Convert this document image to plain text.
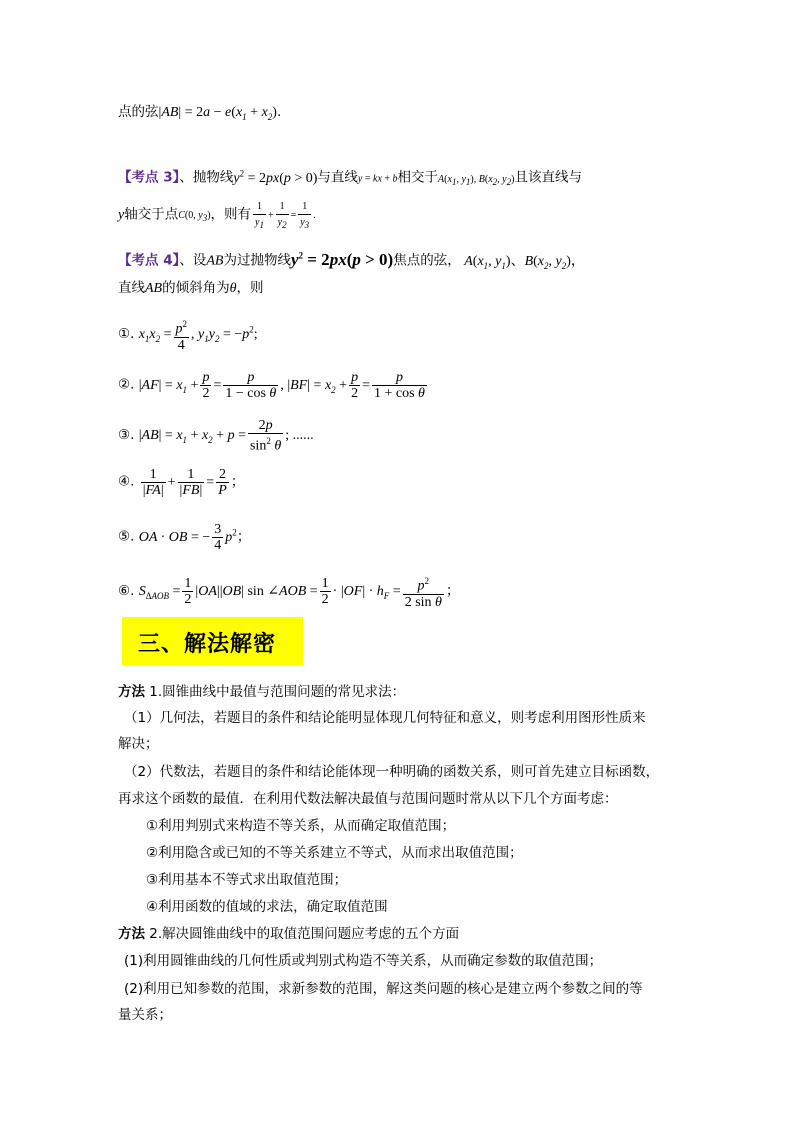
点的弦$|AB| = 2a - e(x_1 + x_2)$.
【考点 3】、抛物线$y^2 = 2px(p > 0)$与直线y = kx + b相交于$A(x_1$, $y_1$), $B(x_2$, $y_2$)且该直线与
y轴交于点C(0, $y_3$)，则有 $\frac{1}{y_1} + \frac{1}{y_2} = \frac{1}{y_3}$ .
【考点 4】、设AB为过抛物线$y^2 = 2px(p > 0)$焦点的弦， $A(x_1$, $y_1$)、$B(x_2$, $y_2$)，
直线AB的倾斜角为θ，则
①. $x_1x_2 = \frac{p^2}{4}$ , $y_1y_2 = -p^2$;
②. $|AF| = x_1 + \frac{p}{2} = \frac{p}{\text{1 − cos θ}}$ , $|BF| = x_2 + \frac{p}{2} = \frac{p}{\text{1 + cos θ}}$
③. $|AB| = x_1 + x_2 + p = \frac{2p}{\sin^2 \theta}$ ; ......
④. $\frac{1}{|FA|} + \frac{1}{|FB|} = \frac{2}{P}$ ；
⑤. OA · OB = − $\frac{3}{4} p^2$；
⑥. $S_{\Delta AOB} = \frac{1}{2} |OA||OB|$ sin ∠AOB = $\frac{1}{2} \cdot |OF| \cdot h_F = \frac{p^2}{\text{2 sin θ}}$ ；
三、解法解密
方法 1.圆锥曲线中最值与范围问题的常见求法：
（1）几何法，若题目的条件和结论能明显体现几何特征和意义，则考虑利用图形性质来
解决；
（2）代数法，若题目的条件和结论能体现一种明确的函数关系，则可首先建立目标函数，
再求这个函数的最值．在利用代数法解决最值与范围问题时常从以下几个方面考虑：
①利用判别式来构造不等关系，从而确定取值范围；
②利用隐含或已知的不等关系建立不等式，从而求出取值范围；
③利用基本不等式求出取值范围；
④利用函数的值域的求法，确定取值范围
方法 2.解决圆锥曲线中的取值范围问题应考虑的五个方面
(1)利用圆锥曲线的几何性质或判别式构造不等关系，从而确定参数的取值范围；
(2)利用已知参数的范围，求新参数的范围，解这类问题的核心是建立两个参数之间的等
量关系；
